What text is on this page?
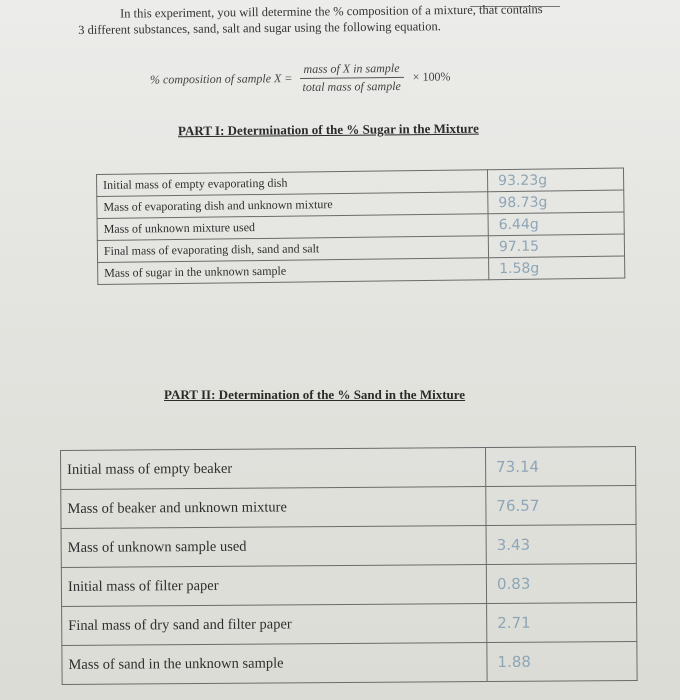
In this experiment, you will determine the % composition of a mixture, that contains
3 different substances, sand, salt and sugar using the following equation.
% composition of sample $X = \frac{\text{mass of X in sample}}{\text{total mass of sample}} \times 100\%$
PART I: Determination of the % Sugar in the Mixture
Initial mass of empty evaporating dish	93.23g
Mass of evaporating dish and unknown mixture	98.73g
Mass of unknown mixture used	6.44g
Final mass of evaporating dish, sand and salt	97.15
Mass of sugar in the unknown sample	1.58g
PART II: Determination of the % Sand in the Mixture
Initial mass of empty beaker	73.14
Mass of beaker and unknown mixture	76.57
Mass of unknown sample used	3.43
Initial mass of filter paper	0.83
Final mass of dry sand and filter paper	2.71
Mass of sand in the unknown sample	1.88
